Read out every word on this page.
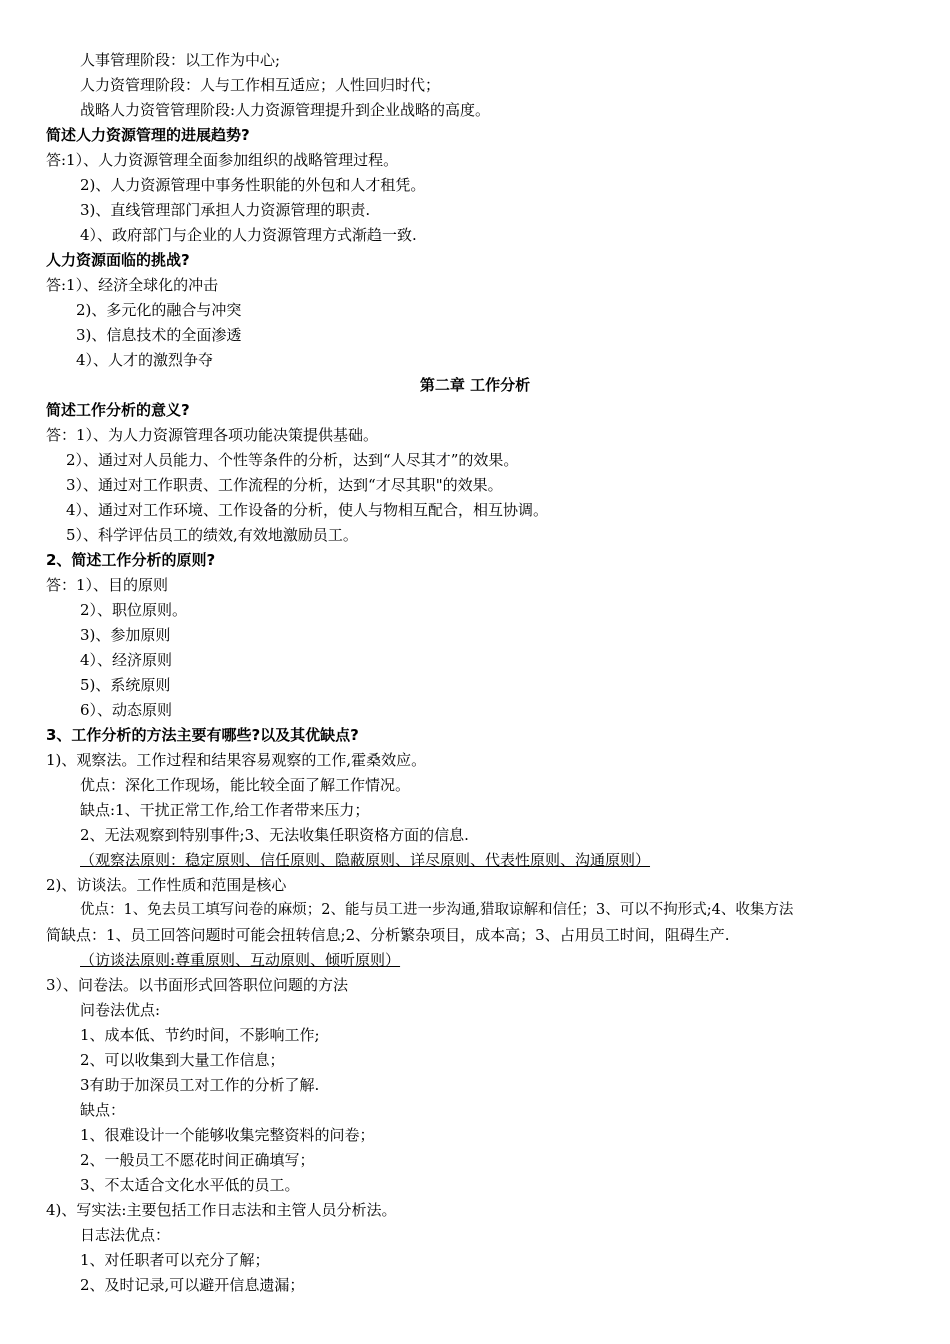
人事管理阶段：以工作为中心;
人力资管理阶段：人与工作相互适应；人性回归时代；
战略人力资管管理阶段:人力资源管理提升到企业战略的高度。
简述人力资源管理的进展趋势?
答:1）、人力资源管理全面参加组织的战略管理过程。
2)、人力资源管理中事务性职能的外包和人才租凭。
3)、直线管理部门承担人力资源管理的职责.
4）、政府部门与企业的人力资源管理方式渐趋一致.
人力资源面临的挑战?
答:1）、经济全球化的冲击
2)、多元化的融合与冲突
3)、信息技术的全面渗透
4）、人才的激烈争夺
第二章 工作分析
简述工作分析的意义?
答：1）、为人力资源管理各项功能决策提供基础。
2）、通过对人员能力、个性等条件的分析，达到“人尽其才”的效果。
3）、通过对工作职责、工作流程的分析，达到“才尽其职"的效果。
4）、通过对工作环境、工作设备的分析，使人与物相互配合，相互协调。
5）、科学评估员工的绩效,有效地激励员工。
2、简述工作分析的原则?
答：1）、目的原则
2）、职位原则。
3)、参加原则
4）、经济原则
5)、系统原则
6）、动态原则
3、工作分析的方法主要有哪些?以及其优缺点?
1)、观察法。工作过程和结果容易观察的工作,霍桑效应。
优点：深化工作现场，能比较全面了解工作情况。
缺点:1、干扰正常工作,给工作者带来压力；
2、无法观察到特别事件;3、无法收集任职资格方面的信息.
（观察法原则：稳定原则、信任原则、隐蔽原则、详尽原则、代表性原则、沟通原则）
2)、访谈法。工作性质和范围是核心
优点：1、免去员工填写问卷的麻烦；2、能与员工进一步沟通,猎取谅解和信任；3、可以不拘形式;4、收集方法
简缺点：1、员工回答问题时可能会扭转信息;2、分析繁杂项目，成本高；3、占用员工时间，阻碍生产.
（访谈法原则:尊重原则、互动原则、倾听原则）
3）、问卷法。以书面形式回答职位问题的方法
问卷法优点:
1、成本低、节约时间，不影响工作;
2、可以收集到大量工作信息；
3有助于加深员工对工作的分析了解.
缺点：
1、很难设计一个能够收集完整资料的问卷；
2、一般员工不愿花时间正确填写；
3、不太适合文化水平低的员工。
4)、写实法:主要包括工作日志法和主管人员分析法。
日志法优点：
1、对任职者可以充分了解；
2、及时记录,可以避开信息遗漏；
